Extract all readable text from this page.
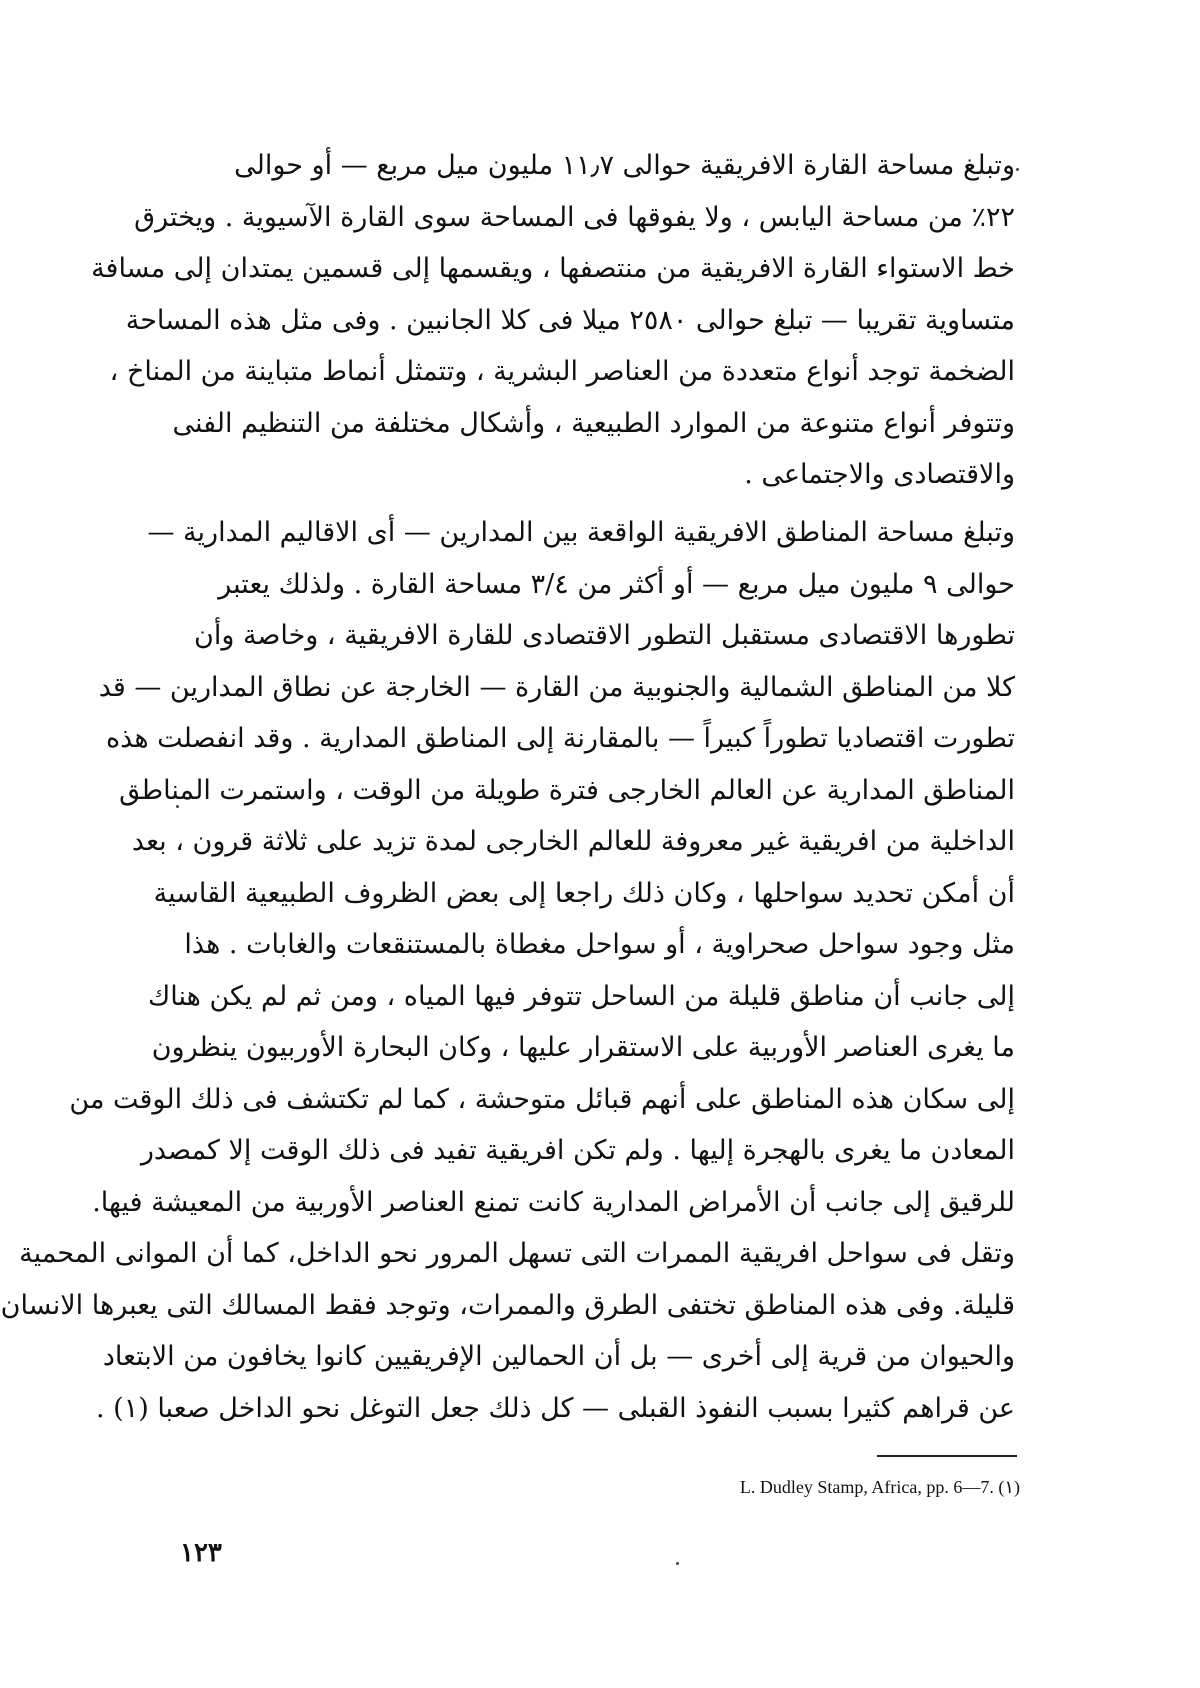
وتبلغ مساحة القارة الافريقية حوالى ١١٫٧ مليون ميل مربع — أو حوالى
٢٢٪ من مساحة اليابس ، ولا يفوقها فى المساحة سوى القارة الآسيوية . ويخترق
خط الاستواء القارة الافريقية من منتصفها ، ويقسمها إلى قسمين يمتدان إلى مسافة
متساوية تقريبا — تبلغ حوالى ٢٥٨٠ ميلا فى كلا الجانبين . وفى مثل هذه المساحة
الضخمة توجد أنواع متعددة من العناصر البشرية ، وتتمثل أنماط متباينة من المناخ ،
وتتوفر أنواع متنوعة من الموارد الطبيعية ، وأشكال مختلفة من التنظيم الفنى
والاقتصادى والاجتماعى .
وتبلغ مساحة المناطق الافريقية الواقعة بين المدارين — أى الاقاليم المدارية —
حوالى ٩ مليون ميل مربع — أو أكثر من ٣/٤ مساحة القارة . ولذلك يعتبر
تطورها الاقتصادى مستقبل التطور الاقتصادى للقارة الافريقية ، وخاصة وأن
كلا من المناطق الشمالية والجنوبية من القارة — الخارجة عن نطاق المدارين — قد
تطورت اقتصاديا تطوراً كبيراً — بالمقارنة إلى المناطق المدارية . وقد انفصلت هذه
المناطق المدارية عن العالم الخارجى فترة طويلة من الوقت ، واستمرت المناطق
الداخلية من افريقية غير معروفة للعالم الخارجى لمدة تزيد على ثلاثة قرون ، بعد
أن أمكن تحديد سواحلها ، وكان ذلك راجعا إلى بعض الظروف الطبيعية القاسية
مثل وجود سواحل صحراوية ، أو سواحل مغطاة بالمستنقعات والغابات . هذا
إلى جانب أن مناطق قليلة من الساحل تتوفر فيها المياه ، ومن ثم لم يكن هناك
ما يغرى العناصر الأوربية على الاستقرار عليها ، وكان البحارة الأوربيون ينظرون
إلى سكان هذه المناطق على أنهم قبائل متوحشة ، كما لم تكتشف فى ذلك الوقت من
المعادن ما يغرى بالهجرة إليها . ولم تكن افريقية تفيد فى ذلك الوقت إلا كمصدر
للرقيق إلى جانب أن الأمراض المدارية كانت تمنع العناصر الأوربية من المعيشة فيها.
وتقل فى سواحل افريقية الممرات التى تسهل المرور نحو الداخل، كما أن الموانى المحمية
قليلة. وفى هذه المناطق تختفى الطرق والممرات، وتوجد فقط المسالك التى يعبرها الانسان
والحيوان من قرية إلى أخرى — بل أن الحمالين الإفريقيين كانوا يخافون من الابتعاد
عن قراهم كثيرا بسبب النفوذ القبلى — كل ذلك جعل التوغل نحو الداخل صعبا (١) .
L. Dudley Stamp, Africa, pp. 6—7. (١)
١٢٣
